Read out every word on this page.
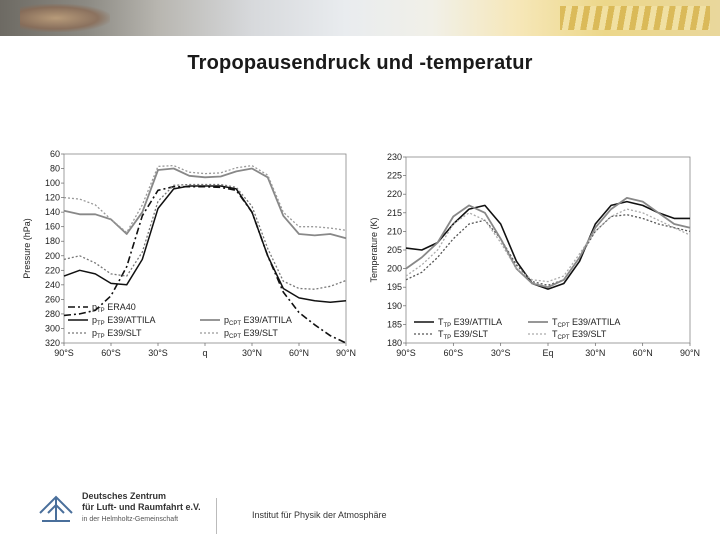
Tropopausendruck und -temperatur
60
80
100
120
140
160
180
200
220
240
260
280
300
320
90°S	60°S	30°S	q	30°N	60°N	90°N
Pressure (hPa)
$p_{TP}$ ERA40
$p_{TP}$ E39/ATTILA
$p_{TP}$ E39/SLT
$p_{CPT}$ E39/ATTILA
$p_{CPT}$ E39/SLT
230
225
220
215
210
205
200
195
190
185
180
90°S	60°S	30°S	Eq	30°N	60°N	90°N
Temperature (K)
$T_{TP}$ E39/ATTILA
$T_{TP}$ E39/SLT
$T_{CPT}$ E39/ATTILA
$T_{CPT}$ E39/SLT
Deutsches Zentrum
für Luft- und Raumfahrt e.V.
in der Helmholtz-Gemeinschaft	Institut für Physik der Atmosphäre
